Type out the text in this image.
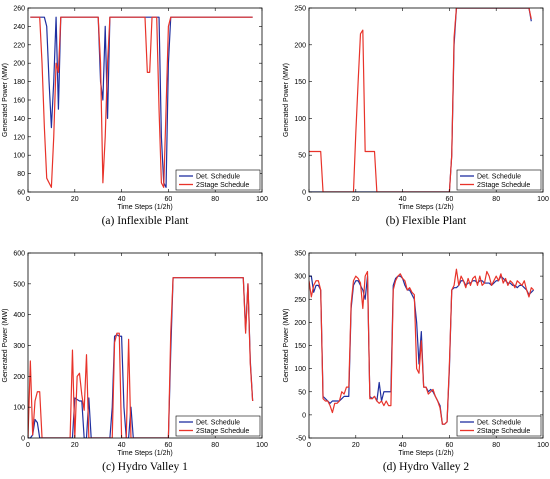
0	20	40	60	80	100
60
80
100
120
140
160
180
200
220
240
260
Time Steps (1/2h)
Generated Power (MW)
Det. Schedule
2Stage Schedule
(a) Inflexible Plant
0	20	40	60	80	100
0
50
100
150
200
250
Time Steps (1/2h)
Generated Power (MW)
Det. Schedule
2Stage Schedule
(b) Flexible Plant
0	20	40	60	80	100
0
100
200
300
400
500
600
Time Steps (1/2h)
Generated Power (MW)
Det. Schedule
2Stage Schedule
(c) Hydro Valley 1
0	20	40	60	80	100
-50
0
50
100
150
200
250
300
350
Time Steps (1/2h)
Generated Power (MW)
Det. Schedule
2Stage Schedule
(d) Hydro Valley 2
